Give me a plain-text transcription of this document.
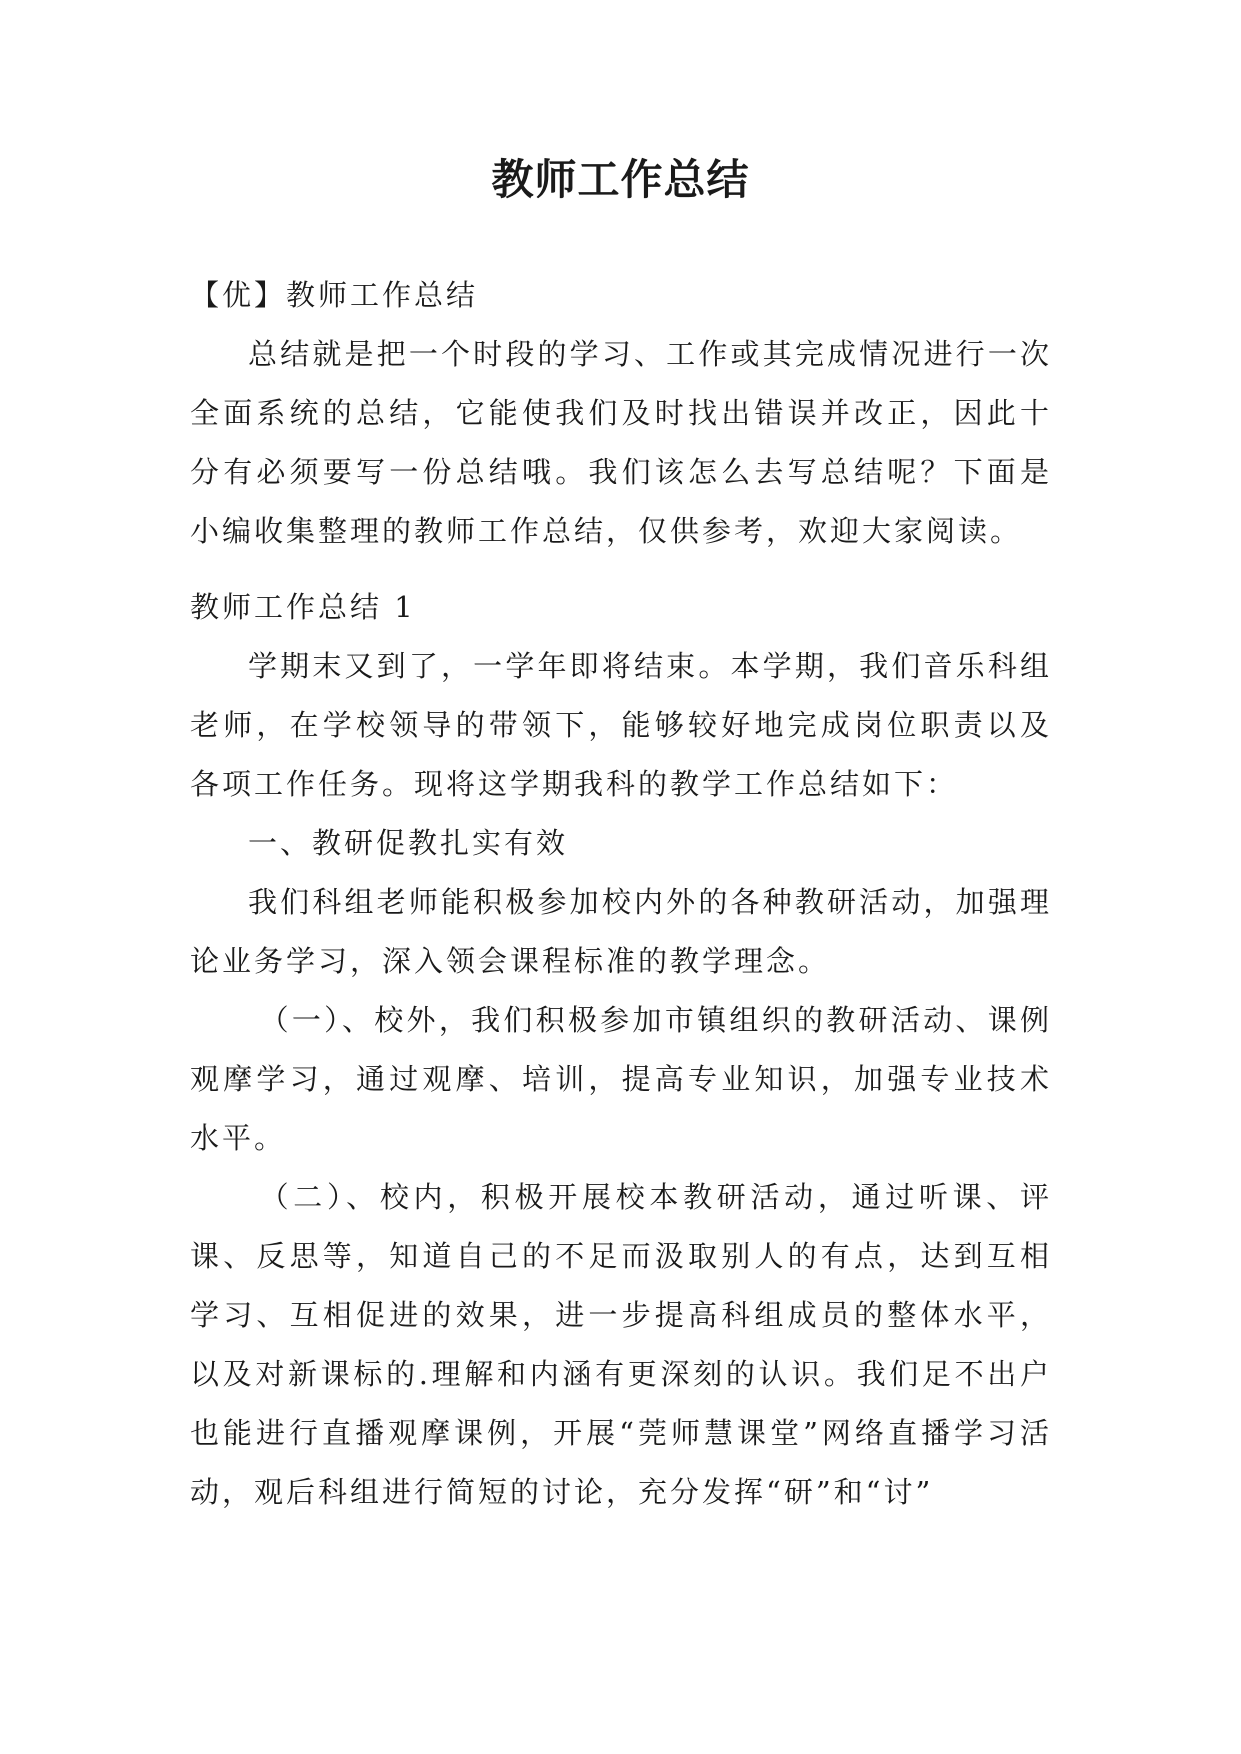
教师工作总结

【优】教师工作总结

总结就是把一个时段的学习、工作或其完成情况进行一次全面系统的总结，它能使我们及时找出错误并改正，因此十分有必须要写一份总结哦。我们该怎么去写总结呢？下面是小编收集整理的教师工作总结，仅供参考，欢迎大家阅读。

教师工作总结 1

学期末又到了，一学年即将结束。本学期，我们音乐科组老师，在学校领导的带领下，能够较好地完成岗位职责以及各项工作任务。现将这学期我科的教学工作总结如下：

一、教研促教扎实有效

我们科组老师能积极参加校内外的各种教研活动，加强理论业务学习，深入领会课程标准的教学理念。

（一）、校外，我们积极参加市镇组织的教研活动、课例观摩学习，通过观摩、培训，提高专业知识，加强专业技术水平。

（二）、校内，积极开展校本教研活动，通过听课、评课、反思等，知道自己的不足而汲取别人的有点，达到互相学习、互相促进的效果，进一步提高科组成员的整体水平，以及对新课标的.理解和内涵有更深刻的认识。我们足不出户也能进行直播观摩课例，开展“莞师慧课堂”网络直播学习活动，观后科组进行简短的讨论，充分发挥“研”和“讨”
